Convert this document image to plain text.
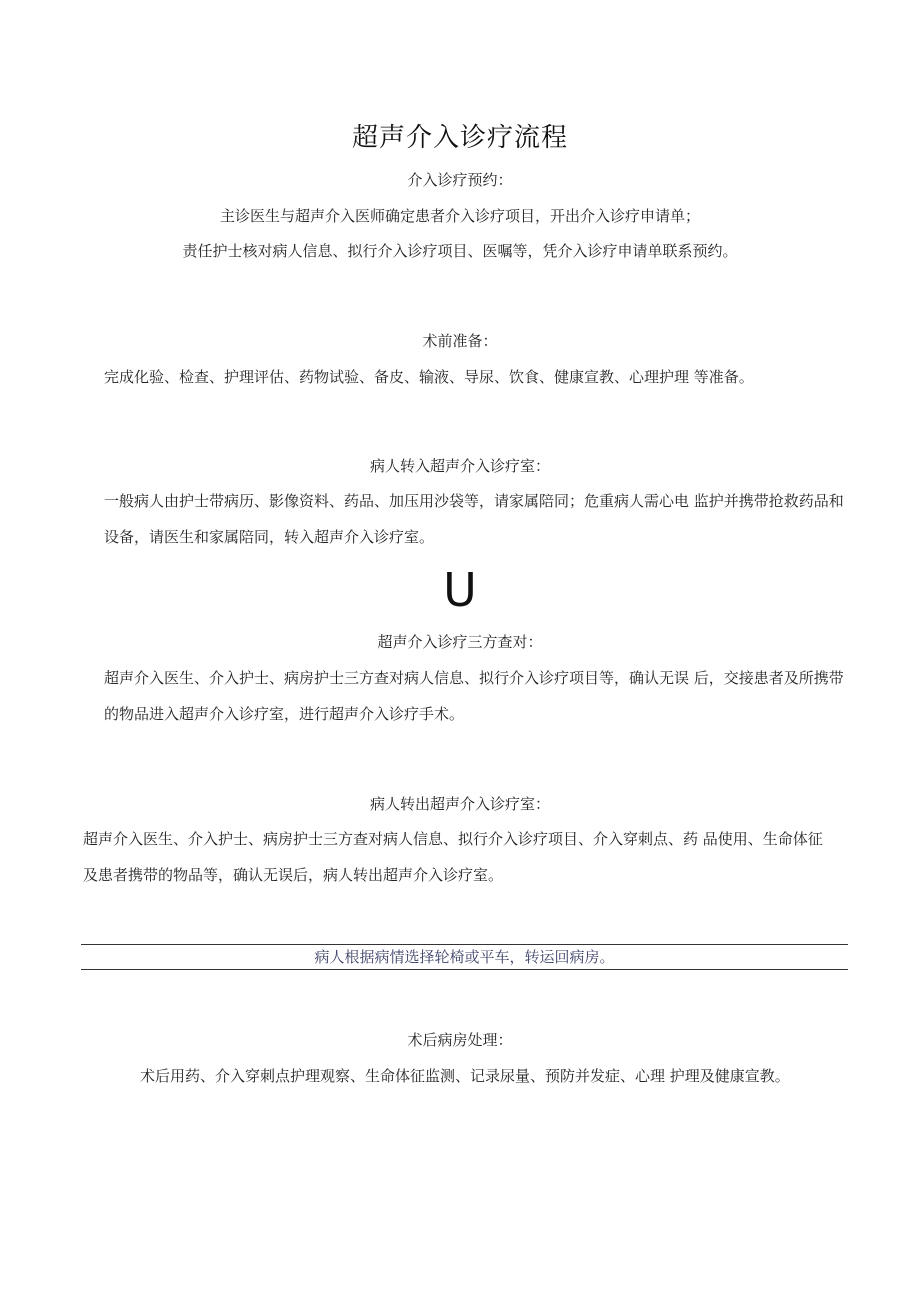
超声介入诊疗流程
介入诊疗预约：
主诊医生与超声介入医师确定患者介入诊疗项目，开出介入诊疗申请单；
责任护士核对病人信息、拟行介入诊疗项目、医嘱等，凭介入诊疗申请单联系预约。
术前准备：
完成化验、检查、护理评估、药物试验、备皮、输液、导尿、饮食、健康宣教、心理护理 等准备。
病人转入超声介入诊疗室：
一般病人由护士带病历、影像资料、药品、加压用沙袋等，请家属陪同；危重病人需心电 监护并携带抢救药品和设备，请医生和家属陪同，转入超声介入诊疗室。
U
超声介入诊疗三方查对：
超声介入医生、介入护士、病房护士三方查对病人信息、拟行介入诊疗项目等，确认无误 后，交接患者及所携带的物品进入超声介入诊疗室，进行超声介入诊疗手术。
病人转出超声介入诊疗室：
超声介入医生、介入护士、病房护士三方查对病人信息、拟行介入诊疗项目、介入穿刺点、药 品使用、生命体征及患者携带的物品等，确认无误后，病人转出超声介入诊疗室。
病人根据病情选择轮椅或平车，转运回病房。
术后病房处理：
术后用药、介入穿刺点护理观察、生命体征监测、记录尿量、预防并发症、心理 护理及健康宣教。
